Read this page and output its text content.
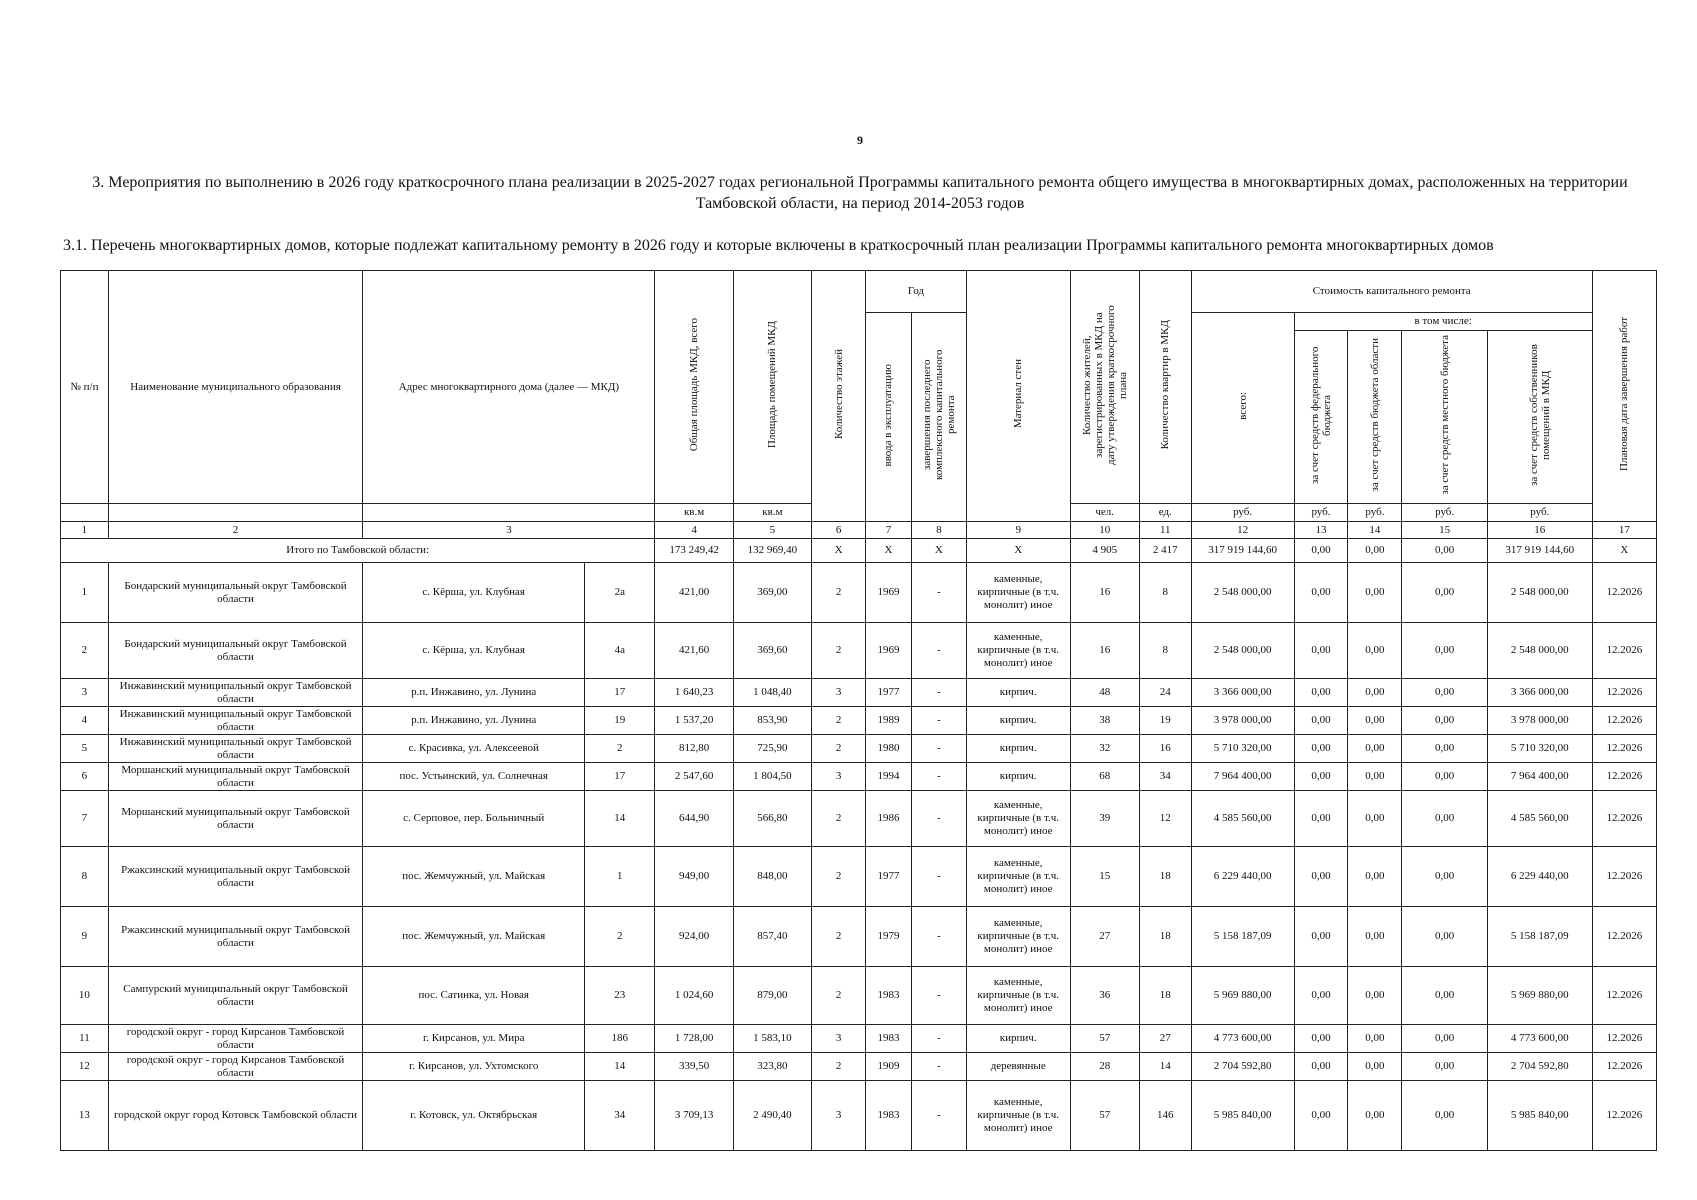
9
3. Мероприятия по выполнению в 2026 году краткосрочного плана реализации в 2025-2027 годах региональной Программы капитального ремонта общего имущества в многоквартирных домах, расположенных на территории Тамбовской области, на период 2014-2053 годов
3.1. Перечень многоквартирных домов, которые подлежат капитальному ремонту в 2026 году и которые включены в краткосрочный план реализации Программы капитального ремонта многоквартирных домов
№ п/п	Наименование муниципального образования	Адрес многоквартирного дома (далее — МКД)		Общая площадь МКД, всего	Площадь помещений МКД	Количество этажей	Год		Материал стен	Количество жителей, зарегистрированных в МКД на дату утверждения краткосрочного плана	Количество квартир в МКД	Стоимость капитального ремонта					Плановая дата завершения работ
							ввода в эксплуатацию	завершения последнего комплексного капитального ремонта				всего:	в том числе:				
													за счет средств федерального бюджета	за счет средств бюджета области	за счет средств местного бюджета	за счет средств собственников помещений в МКД	
				кв.м	кв.м					чел.	ед.	руб.	руб.	руб.	руб.	руб.	
1	2	3		4	5	6	7	8	9	10	11	12	13	14	15	16	17
Итого по Тамбовской области:				173 249,42	132 969,40	X	X	X	X	4 905	2 417	317 919 144,60	0,00	0,00	0,00	317 919 144,60	X
1	Бондарский муниципальный округ Тамбовской области	с. Кёрша, ул. Клубная	2а	421,00	369,00	2	1969	-	каменные, кирпичные (в т.ч. монолит) иное	16	8	2 548 000,00	0,00	0,00	0,00	2 548 000,00	12.2026
2	Бондарский муниципальный округ Тамбовской области	с. Кёрша, ул. Клубная	4а	421,60	369,60	2	1969	-	каменные, кирпичные (в т.ч. монолит) иное	16	8	2 548 000,00	0,00	0,00	0,00	2 548 000,00	12.2026
3	Инжавинский муниципальный округ Тамбовской области	р.п. Инжавино, ул. Лунина	17	1 640,23	1 048,40	3	1977	-	кирпич.	48	24	3 366 000,00	0,00	0,00	0,00	3 366 000,00	12.2026
4	Инжавинский муниципальный округ Тамбовской области	р.п. Инжавино, ул. Лунина	19	1 537,20	853,90	2	1989	-	кирпич.	38	19	3 978 000,00	0,00	0,00	0,00	3 978 000,00	12.2026
5	Инжавинский муниципальный округ Тамбовской области	с. Красивка, ул. Алексеевой	2	812,80	725,90	2	1980	-	кирпич.	32	16	5 710 320,00	0,00	0,00	0,00	5 710 320,00	12.2026
6	Моршанский муниципальный округ Тамбовской области	пос. Устьинский, ул. Солнечная	17	2 547,60	1 804,50	3	1994	-	кирпич.	68	34	7 964 400,00	0,00	0,00	0,00	7 964 400,00	12.2026
7	Моршанский муниципальный округ Тамбовской области	с. Серповое, пер. Больничный	14	644,90	566,80	2	1986	-	каменные, кирпичные (в т.ч. монолит) иное	39	12	4 585 560,00	0,00	0,00	0,00	4 585 560,00	12.2026
8	Ржаксинский муниципальный округ Тамбовской области	пос. Жемчужный, ул. Майская	1	949,00	848,00	2	1977	-	каменные, кирпичные (в т.ч. монолит) иное	15	18	6 229 440,00	0,00	0,00	0,00	6 229 440,00	12.2026
9	Ржаксинский муниципальный округ Тамбовской области	пос. Жемчужный, ул. Майская	2	924,00	857,40	2	1979	-	каменные, кирпичные (в т.ч. монолит) иное	27	18	5 158 187,09	0,00	0,00	0,00	5 158 187,09	12.2026
10	Сампурский муниципальный округ Тамбовской области	пос. Сатинка, ул. Новая	23	1 024,60	879,00	2	1983	-	каменные, кирпичные (в т.ч. монолит) иное	36	18	5 969 880,00	0,00	0,00	0,00	5 969 880,00	12.2026
11	городской округ - город Кирсанов Тамбовской области	г. Кирсанов, ул. Мира	186	1 728,00	1 583,10	3	1983	-	кирпич.	57	27	4 773 600,00	0,00	0,00	0,00	4 773 600,00	12.2026
12	городской округ - город Кирсанов Тамбовской области	г. Кирсанов, ул. Ухтомского	14	339,50	323,80	2	1909	-	деревянные	28	14	2 704 592,80	0,00	0,00	0,00	2 704 592,80	12.2026
13	городской округ город Котовск Тамбовской области	г. Котовск, ул. Октябрьская	34	3 709,13	2 490,40	3	1983	-	каменные, кирпичные (в т.ч. монолит) иное	57	146	5 985 840,00	0,00	0,00	0,00	5 985 840,00	12.2026
